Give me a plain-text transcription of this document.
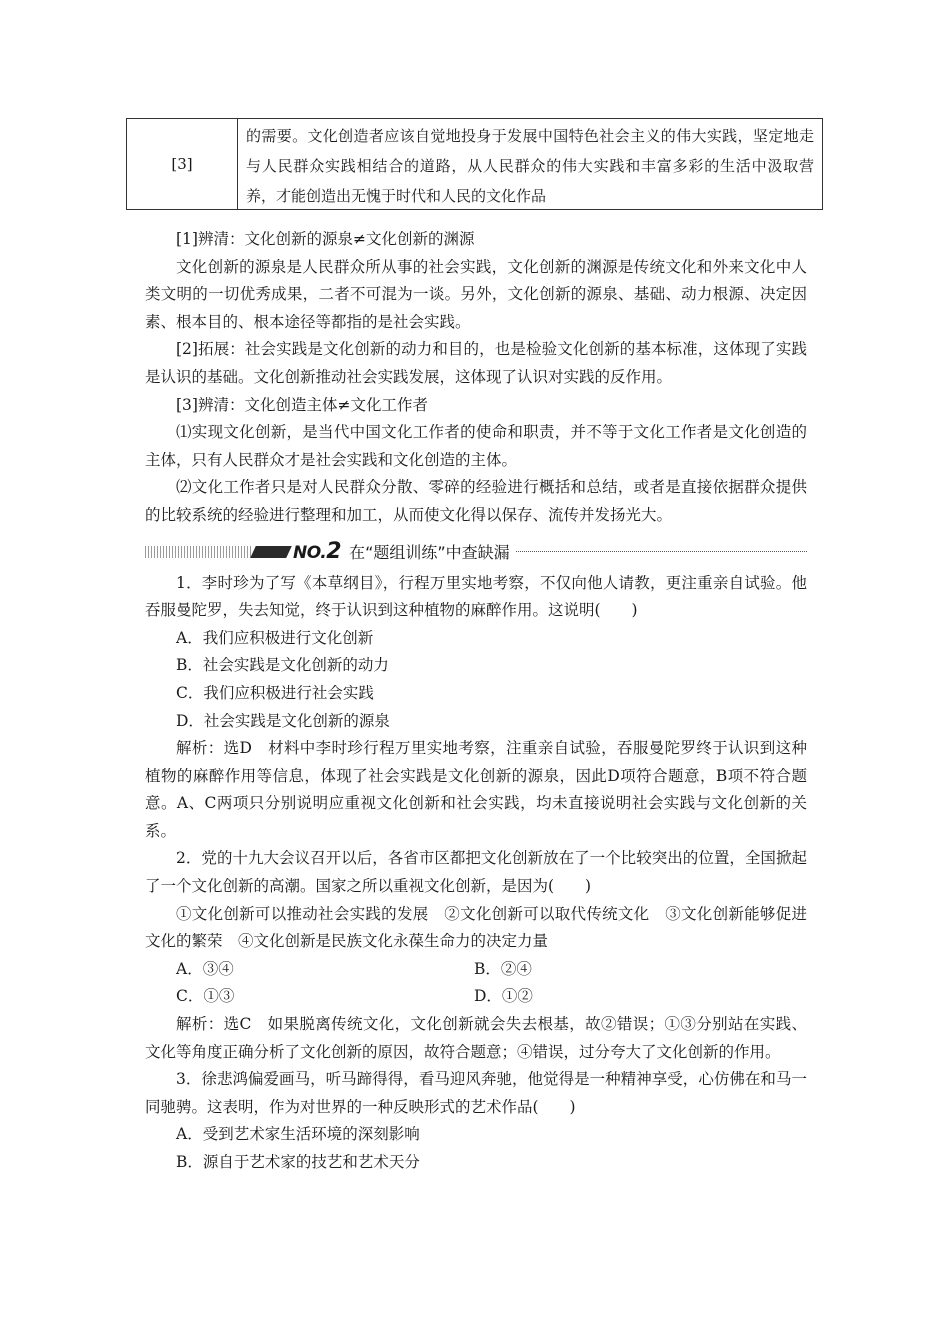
[3]
的需要。文化创造者应该自觉地投身于发展中国特色社会主义的伟大实践，坚定地走与人民群众实践相结合的道路，从人民群众的伟大实践和丰富多彩的生活中汲取营养，才能创造出无愧于时代和人民的文化作品

[1]辨清：文化创新的源泉≠文化创新的渊源

文化创新的源泉是人民群众所从事的社会实践，文化创新的渊源是传统文化和外来文化中人类文明的一切优秀成果，二者不可混为一谈。另外，文化创新的源泉、基础、动力根源、决定因素、根本目的、根本途径等都指的是社会实践。

[2]拓展：社会实践是文化创新的动力和目的，也是检验文化创新的基本标准，这体现了实践是认识的基础。文化创新推动社会实践发展，这体现了认识对实践的反作用。

[3]辨清：文化创造主体≠文化工作者

⑴实现文化创新，是当代中国文化工作者的使命和职责，并不等于文化工作者是文化创造的主体，只有人民群众才是社会实践和文化创造的主体。

⑵文化工作者只是对人民群众分散、零碎的经验进行概括和总结，或者是直接依据群众提供的比较系统的经验进行整理和加工，从而使文化得以保存、流传并发扬光大。

NO.2 在“题组训练”中查缺漏

1．李时珍为了写《本草纲目》，行程万里实地考察，不仅向他人请教，更注重亲自试验。他吞服曼陀罗，失去知觉，终于认识到这种植物的麻醉作用。这说明(　　)

A．我们应积极进行文化创新

B．社会实践是文化创新的动力

C．我们应积极进行社会实践

D．社会实践是文化创新的源泉

解析：选D　材料中李时珍行程万里实地考察，注重亲自试验，吞服曼陀罗终于认识到这种植物的麻醉作用等信息，体现了社会实践是文化创新的源泉，因此D项符合题意，B项不符合题意。A、C两项只分别说明应重视文化创新和社会实践，均未直接说明社会实践与文化创新的关系。

2．党的十九大会议召开以后，各省市区都把文化创新放在了一个比较突出的位置，全国掀起了一个文化创新的高潮。国家之所以重视文化创新，是因为(　　)

①文化创新可以推动社会实践的发展　②文化创新可以取代传统文化　③文化创新能够促进文化的繁荣　④文化创新是民族文化永葆生命力的决定力量

A．③④	B．②④
C．①③	D．①②

解析：选C　如果脱离传统文化，文化创新就会失去根基，故②错误；①③分别站在实践、文化等角度正确分析了文化创新的原因，故符合题意；④错误，过分夸大了文化创新的作用。

3．徐悲鸿偏爱画马，听马蹄得得，看马迎风奔驰，他觉得是一种精神享受，心仿佛在和马一同驰骋。这表明，作为对世界的一种反映形式的艺术作品(　　)

A．受到艺术家生活环境的深刻影响

B．源自于艺术家的技艺和艺术天分
